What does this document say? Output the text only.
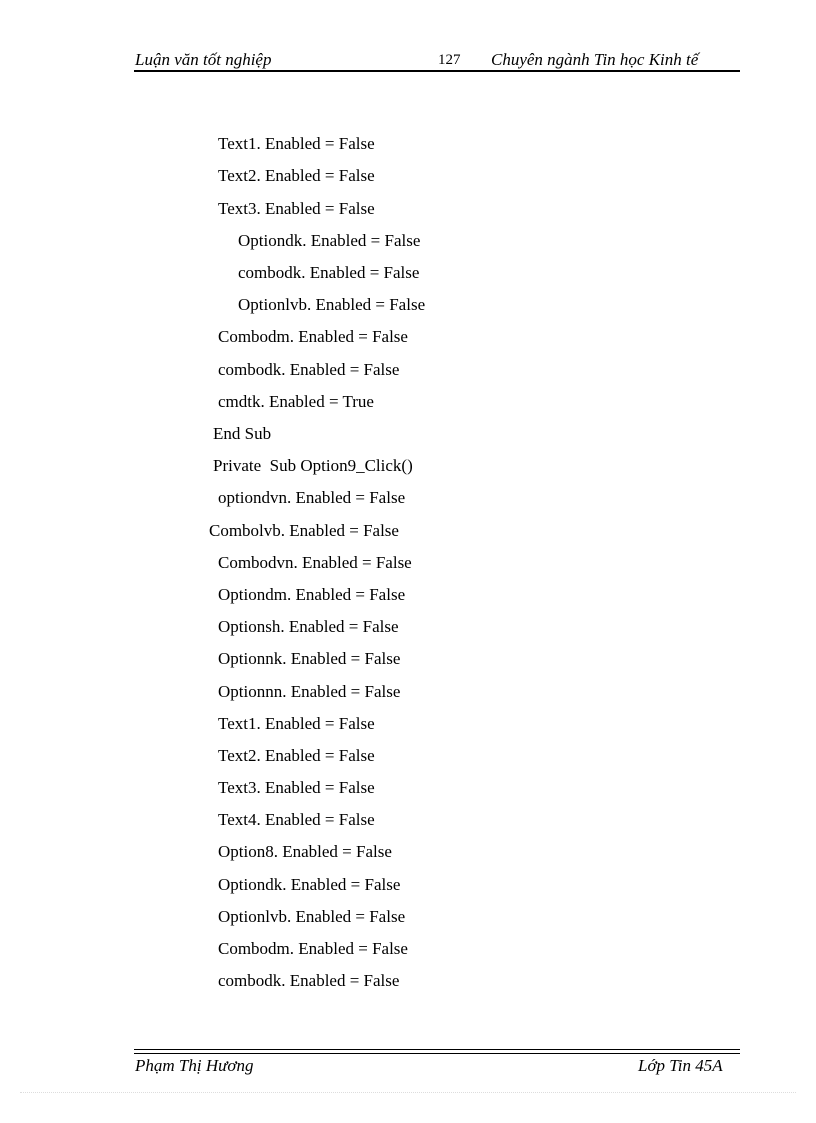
Luận văn tốt nghiệp	127 Chuyên ngành Tin học Kinh tế
Text1. Enabled = False
Text2. Enabled = False
Text3. Enabled = False
Optiondk. Enabled = False
combodk. Enabled = False
Optionlvb. Enabled = False
Combodm. Enabled = False
combodk. Enabled = False
cmdtk. Enabled = True
End Sub
Private  Sub Option9_Click()
optiondvn. Enabled = False
Combolvb. Enabled = False
Combodvn. Enabled = False
Optiondm. Enabled = False
Optionsh. Enabled = False
Optionnk. Enabled = False
Optionnn. Enabled = False
Text1. Enabled = False
Text2. Enabled = False
Text3. Enabled = False
Text4. Enabled = False
Option8. Enabled = False
Optiondk. Enabled = False
Optionlvb. Enabled = False
Combodm. Enabled = False
combodk. Enabled = False
Phạm Thị Hương	Lớp Tin 45A
